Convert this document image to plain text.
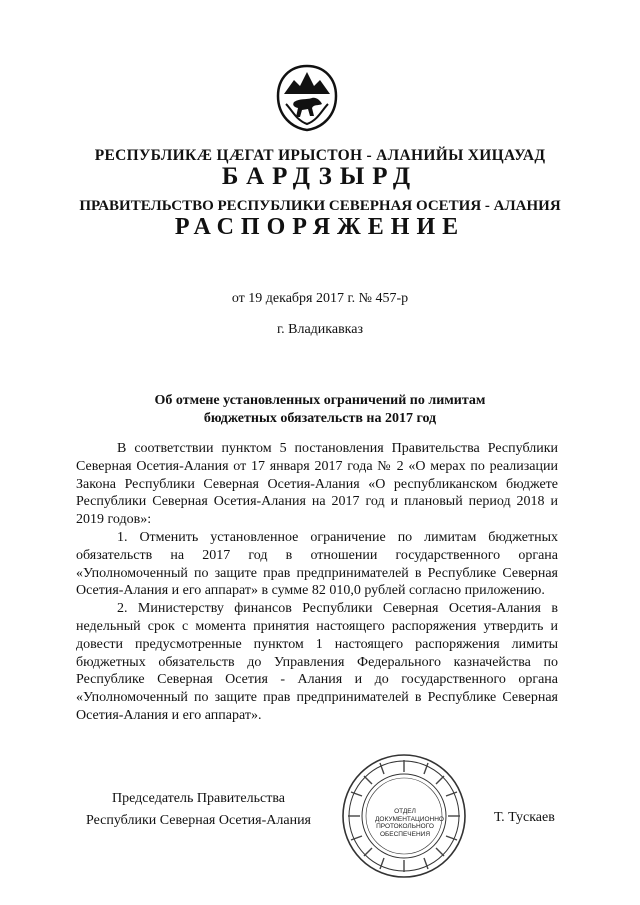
РЕСПУБЛИКӔ ЦӔГАТ ИРЫСТОН - АЛАНИЙЫ ХИЦАУАД
БАРДЗЫРД
ПРАВИТЕЛЬСТВО РЕСПУБЛИКИ СЕВЕРНАЯ ОСЕТИЯ - АЛАНИЯ
РАСПОРЯЖЕНИЕ
от 19 декабря 2017 г. № 457-р
г. Владикавказ
Об отмене установленных ограничений по лимитам
бюджетных обязательств на 2017 год

В соответствии пунктом 5 постановления Правительства Республики Северная Осетия-Алания от 17 января 2017 года № 2 «О мерах по реализации Закона Республики Северная Осетия-Алания «О республиканском бюджете Республики Северная Осетия-Алания на 2017 год и плановый период 2018 и 2019 годов»:

1. Отменить установленное ограничение по лимитам бюджетных обязательств на 2017 год в отношении государственного органа «Уполномоченный по защите прав предпринимателей в Республике Северная Осетия-Алания и его аппарат» в сумме 82 010,0 рублей согласно приложению.

2. Министерству финансов Республики Северная Осетия-Алания в недельный срок с момента принятия настоящего распоряжения утвердить и довести предусмотренные пунктом 1 настоящего распоряжения лимиты бюджетных обязательств до Управления Федерального казначейства по Республике Северная Осетия - Алания и до государственного органа «Уполномоченный по защите прав предпринимателей в Республике Северная Осетия-Алания и его аппарат».

Председатель Правительства
Республики Северная Осетия-Алания
ОТДЕЛ
ДОКУМЕНТАЦИОННО
ПРОТОКОЛЬНОГО
ОБЕСПЕЧЕНИЯ
Т. Тускаев
